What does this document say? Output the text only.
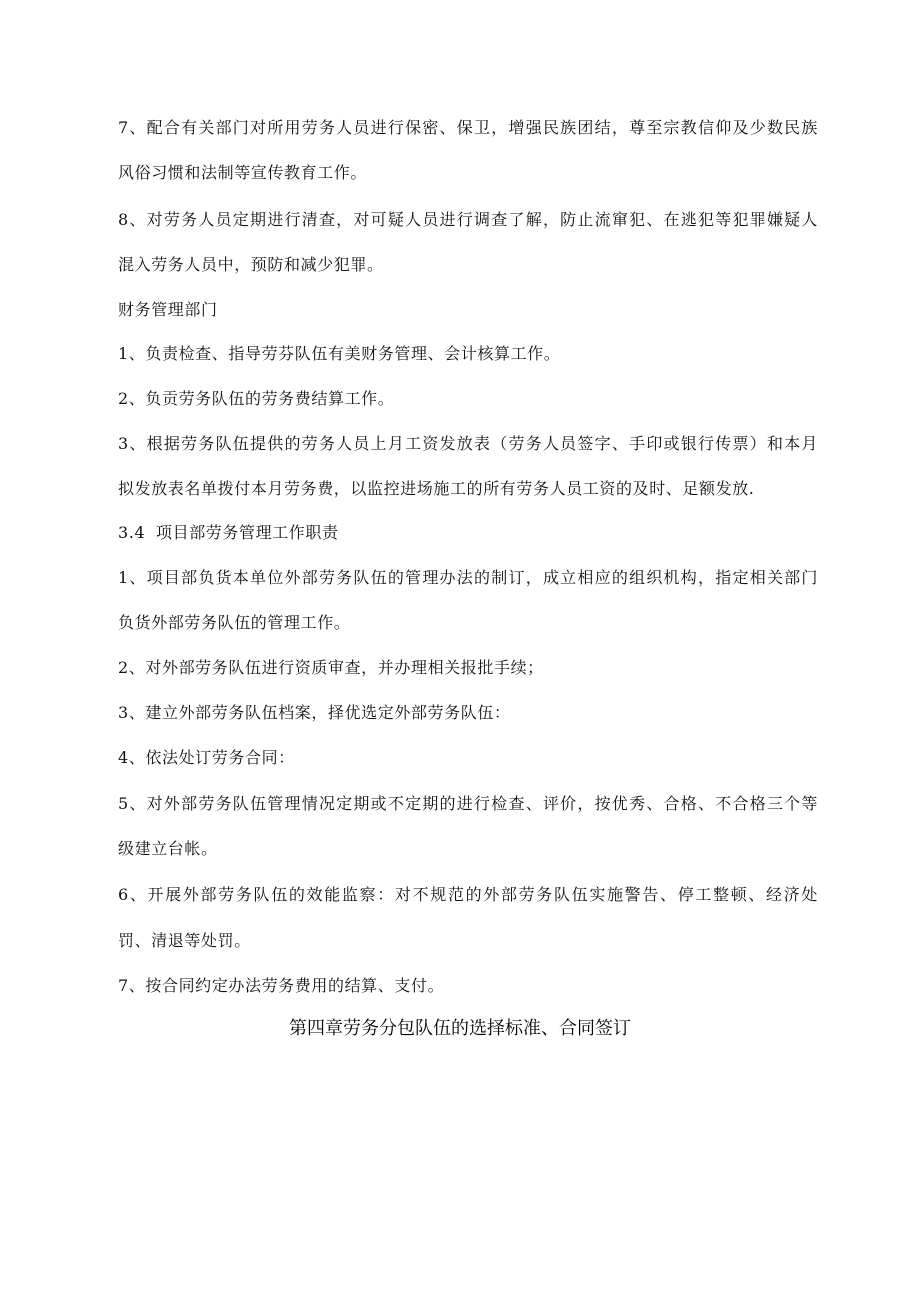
7、配合有关部门对所用劳务人员进行保密、保卫，增强民族团结，尊至宗教信仰及少数民族
风俗习惯和法制等宣传教育工作。
8、对劳务人员定期进行清查，对可疑人员进行调查了解，防止流窜犯、在逃犯等犯罪嫌疑人
混入劳务人员中，预防和减少犯罪。
财务管理部门
1、负责检查、指导劳芬队伍有美财务管理、会计核算工作。
2、负贡劳务队伍的劳务费结算工作。
3、根据劳务队伍提供的劳务人员上月工资发放表（劳务人员签字、手印或银行传票）和本月
拟发放表名单拨付本月劳务费，以监控进场施工的所有劳务人员工资的及时、足额发放.
3.4 项目部劳务管理工作职责
1、项目部负货本单位外部劳务队伍的管理办法的制订，成立相应的组织机构，指定相关部门
负货外部劳务队伍的管理工作。
2、对外部劳务队伍进行资质审查，并办理相关报批手续；
3、建立外部劳务队伍档案，择优选定外部劳务队伍：
4、依法处订劳务合同：
5、对外部劳务队伍管理情况定期或不定期的进行检查、评价，按优秀、合格、不合格三个等
级建立台帐。
6、开展外部劳务队伍的效能监察：对不规范的外部劳务队伍实施警告、停工整顿、经济处
罚、清退等处罚。
7、按合同约定办法劳务费用的结算、支付。
第四章劳务分包队伍的选择标准、合同签订
